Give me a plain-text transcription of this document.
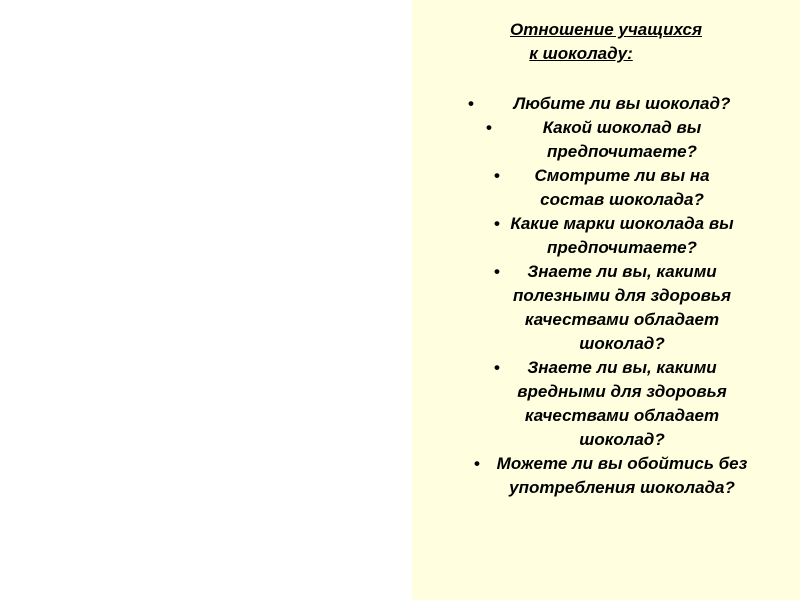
Отношение учащихся
к шоколаду:
• Любите ли вы шоколад?
• Какой шоколад вы предпочитаете?
• Смотрите ли вы на состав шоколада?
• Какие марки шоколада вы предпочитаете?
• Знаете ли вы, какими полезными для здоровья качествами обладает шоколад?
• Знаете ли вы, какими вредными для здоровья качествами обладает шоколад?
• Можете ли вы обойтись без употребления шоколада?
